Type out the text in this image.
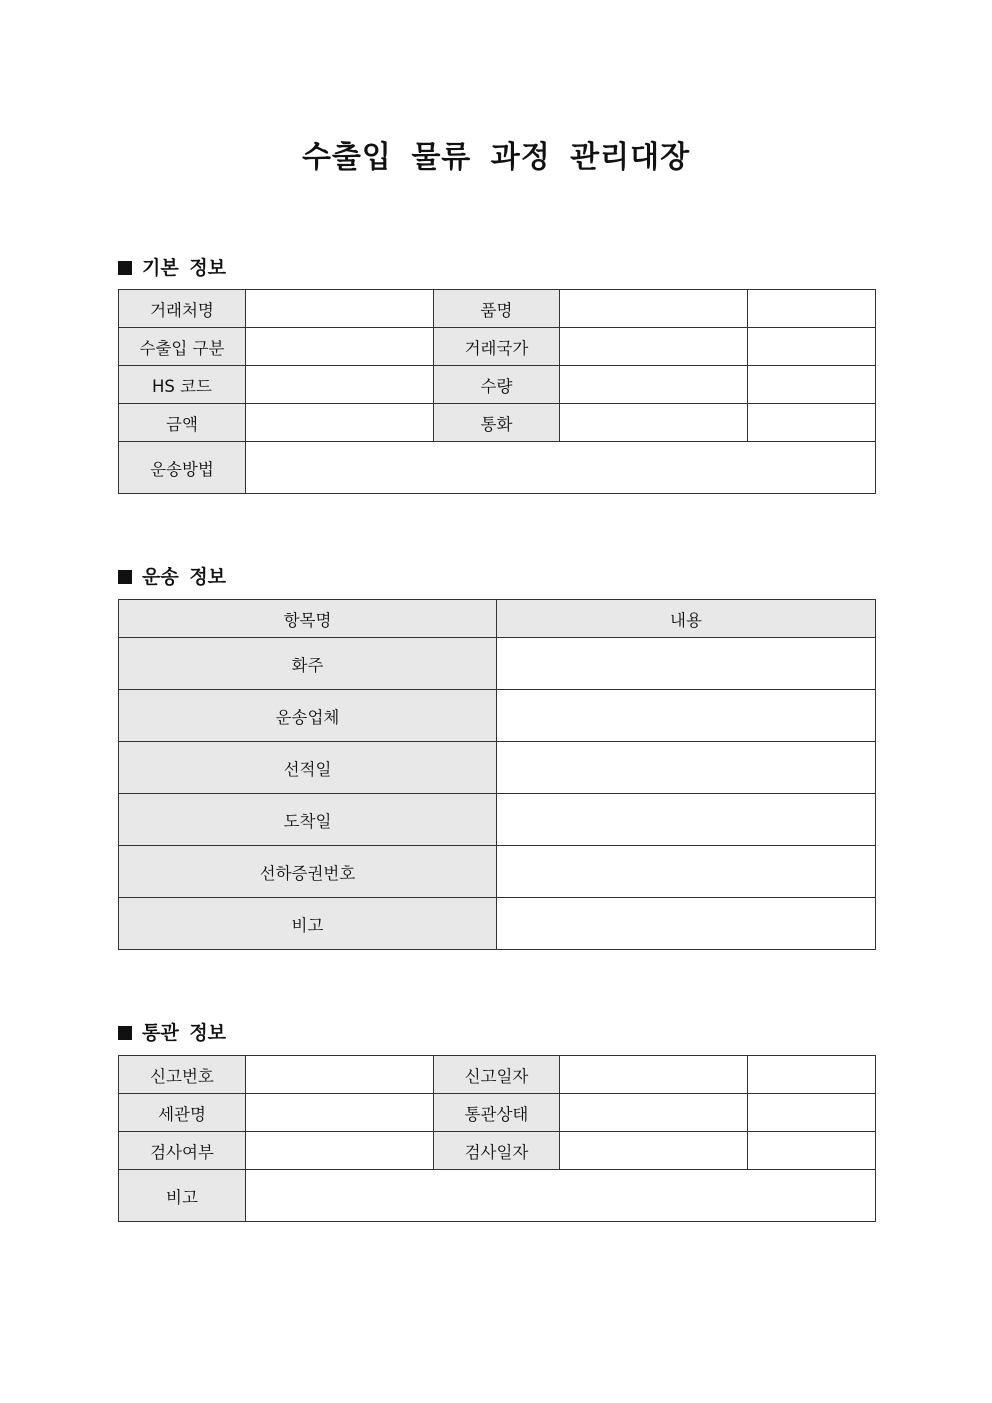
수출입 물류 과정 관리대장
기본 정보
거래처명		품명		
수출입 구분		거래국가		
HS 코드		수량		
금액		통화		
운송방법				
운송 정보
항목명	내용
화주	
운송업체	
선적일	
도착일	
선하증권번호	
비고	
통관 정보
신고번호		신고일자		
세관명		통관상태		
검사여부		검사일자		
비고				
